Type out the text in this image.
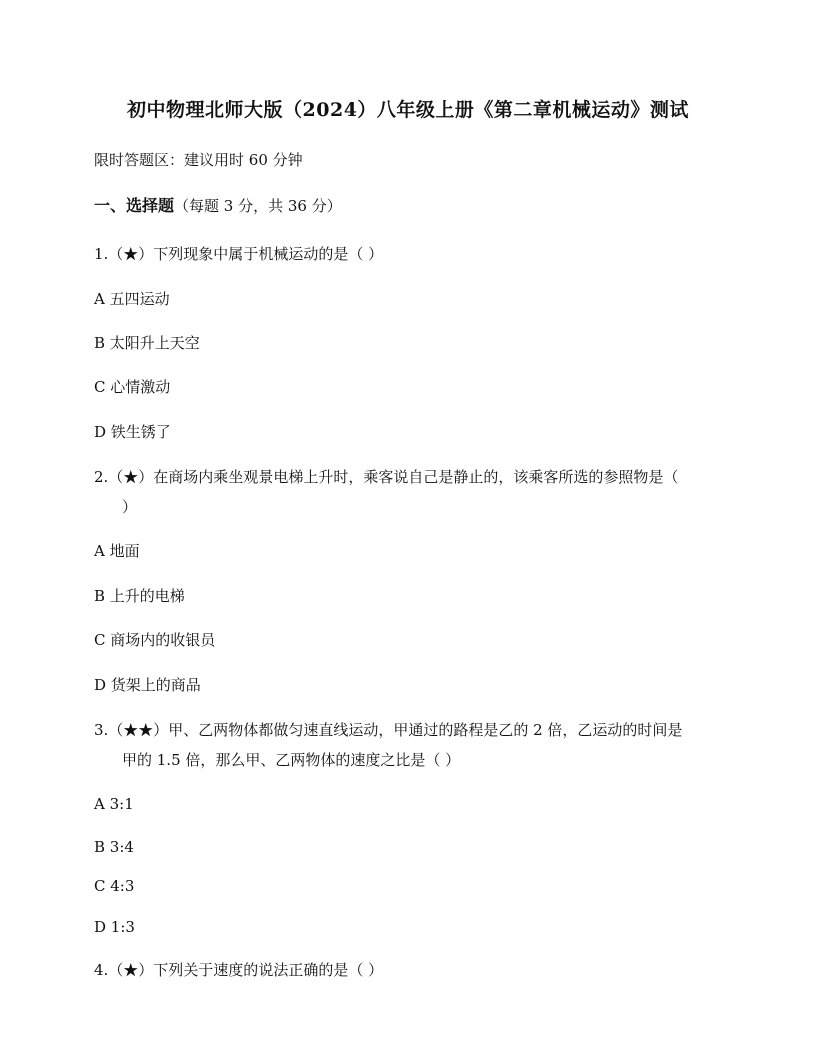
初中物理北师大版（2024）八年级上册《第二章机械运动》测试
限时答题区：建议用时 60 分钟
一、选择题（每题 3 分，共 36 分）
1.（★）下列现象中属于机械运动的是（ ）
A 五四运动
B 太阳升上天空
C 心情激动
D 铁生锈了
2.（★）在商场内乘坐观景电梯上升时，乘客说自己是静止的，该乘客所选的参照物是（
）
A 地面
B 上升的电梯
C 商场内的收银员
D 货架上的商品
3.（★★）甲、乙两物体都做匀速直线运动，甲通过的路程是乙的 2 倍，乙运动的时间是
甲的 1.5 倍，那么甲、乙两物体的速度之比是（ ）
A 3:1
B 3:4
C 4:3
D 1:3
4.（★）下列关于速度的说法正确的是（ ）
